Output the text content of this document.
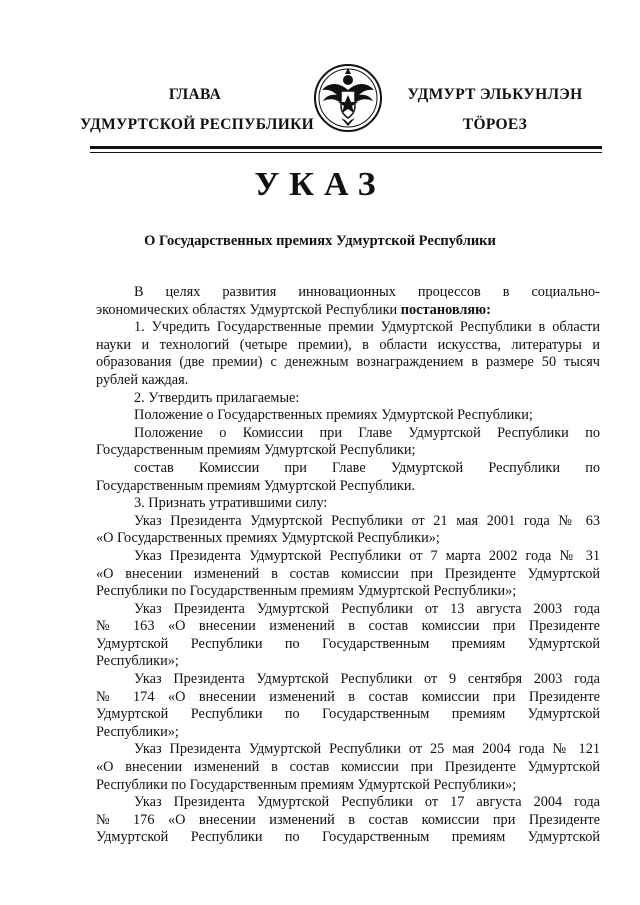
ГЛАВА
УДМУРТСКОЙ РЕСПУБЛИКИ
УДМУРТ ЭЛЬКУНЛЭН
ТӦРОЕЗ
УКАЗ
О Государственных премиях Удмуртской Республики
В целях развития инновационных процессов в социально-
экономических областях Удмуртской Республики постановляю:
1. Учредить Государственные премии Удмуртской Республики в области
науки и технологий (четыре премии), в области искусства, литературы и
образования (две премии) с денежным вознаграждением в размере 50 тысяч
рублей каждая.
2. Утвердить прилагаемые:
Положение о Государственных премиях Удмуртской Республики;
Положение о Комиссии при Главе Удмуртской Республики по
Государственным премиям Удмуртской Республики;
состав Комиссии при Главе Удмуртской Республики по
Государственным премиям Удмуртской Республики.
3. Признать утратившими силу:
Указ Президента Удмуртской Республики от 21 мая 2001 года № 63
«О Государственных премиях Удмуртской Республики»;
Указ Президента Удмуртской Республики от 7 марта 2002 года № 31
«О внесении изменений в состав комиссии при Президенте Удмуртской
Республики по Государственным премиям Удмуртской Республики»;
Указ Президента Удмуртской Республики от 13 августа 2003 года
№ 163 «О внесении изменений в состав комиссии при Президенте
Удмуртской Республики по Государственным премиям Удмуртской
Республики»;
Указ Президента Удмуртской Республики от 9 сентября 2003 года
№ 174 «О внесении изменений в состав комиссии при Президенте
Удмуртской Республики по Государственным премиям Удмуртской
Республики»;
Указ Президента Удмуртской Республики от 25 мая 2004 года № 121
«О внесении изменений в состав комиссии при Президенте Удмуртской
Республики по Государственным премиям Удмуртской Республики»;
Указ Президента Удмуртской Республики от 17 августа 2004 года
№ 176 «О внесении изменений в состав комиссии при Президенте
Удмуртской Республики по Государственным премиям Удмуртской
